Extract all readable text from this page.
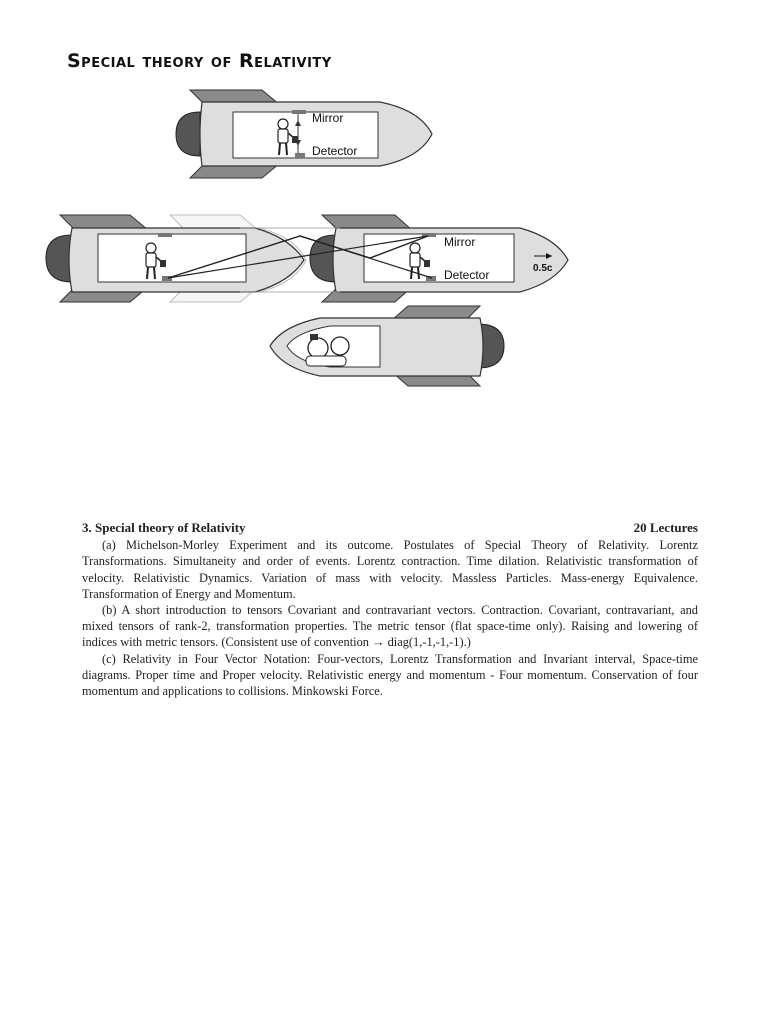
Special theory of Relativity
Mirror
Detector
Mirror
Detector	0.5c
3. Special theory of Relativity	20 Lectures

(a) Michelson-Morley Experiment and its outcome. Postulates of Special Theory of Relativity. Lorentz Transformations. Simultaneity and order of events. Lorentz contraction. Time dilation. Relativistic transformation of velocity. Relativistic Dynamics. Variation of mass with velocity. Massless Particles. Mass-energy Equivalence. Transformation of Energy and Momentum.

(b) A short introduction to tensors Covariant and contravariant vectors. Contraction. Covariant, contravariant, and mixed tensors of rank-2, transformation properties. The metric tensor (flat space-time only). Raising and lowering of indices with metric tensors. (Consistent use of convention → diag(1,-1,-1,-1).)

(c) Relativity in Four Vector Notation: Four-vectors, Lorentz Transformation and Invariant interval, Space-time diagrams. Proper time and Proper velocity. Relativistic energy and momentum - Four momentum. Conservation of four momentum and applications to collisions. Minkowski Force.
